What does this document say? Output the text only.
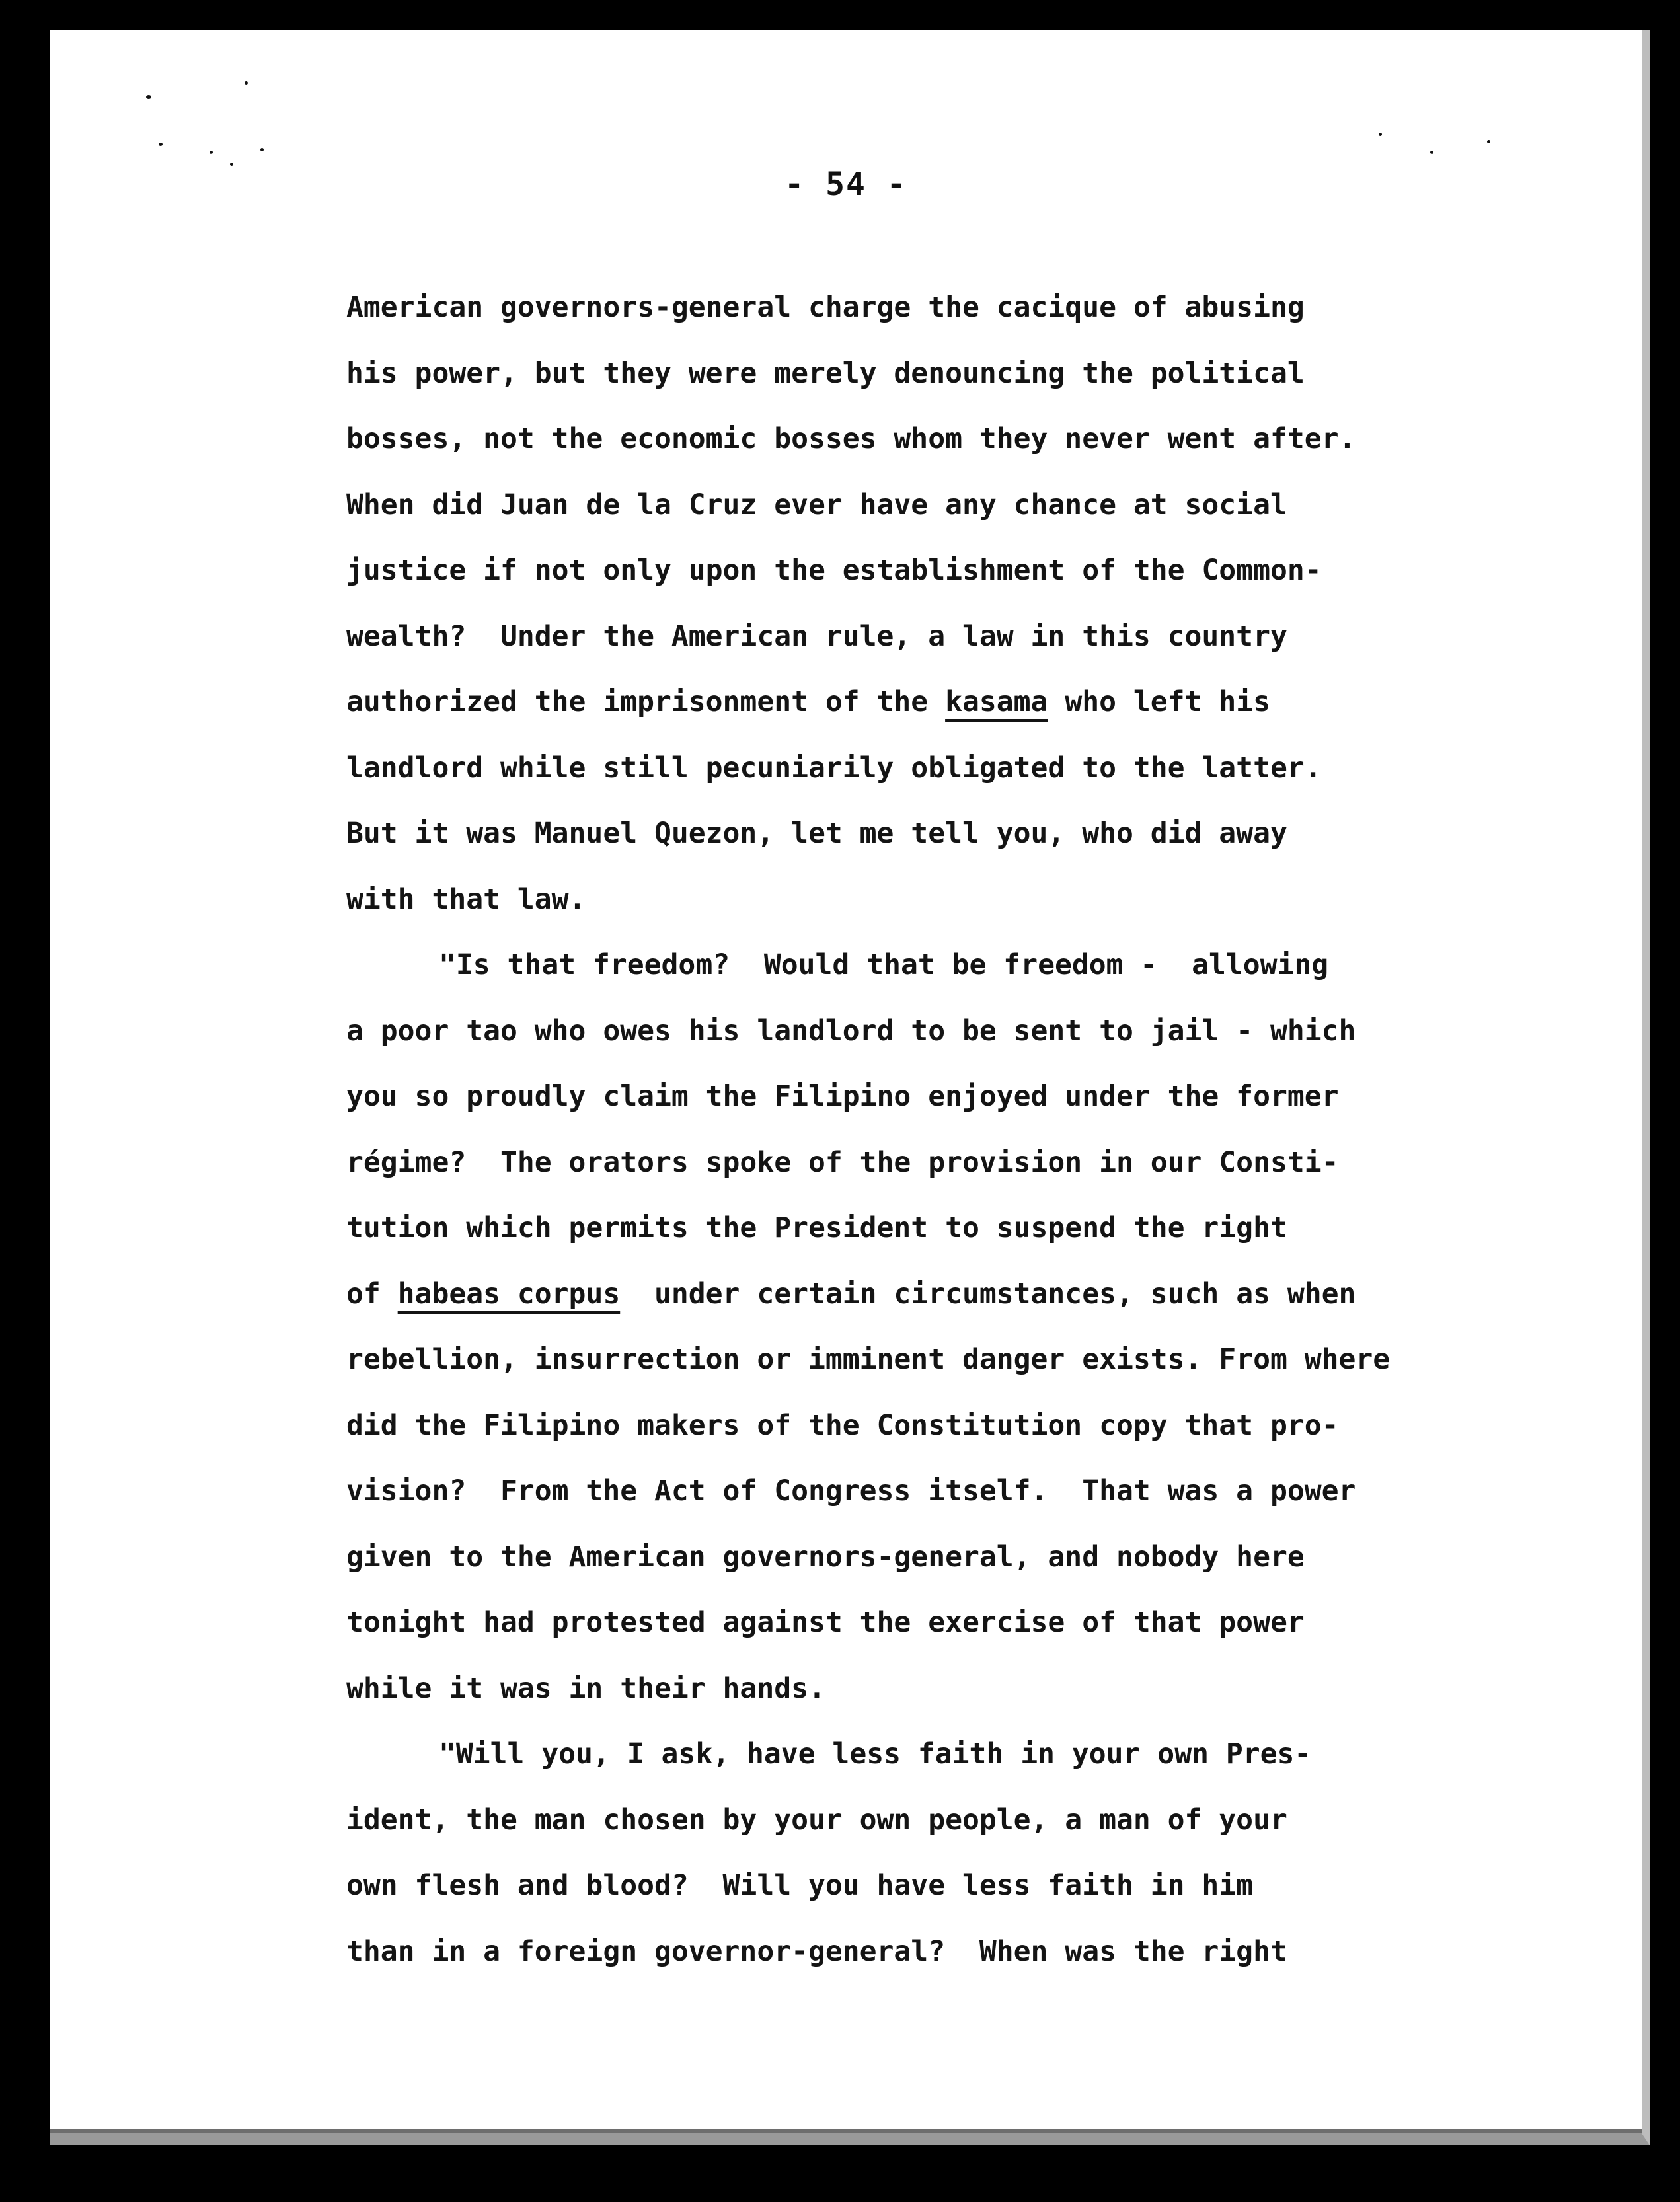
- 54 -
American governors-general charge the cacique of abusing
his power, but they were merely denouncing the political
bosses, not the economic bosses whom they never went after.
When did Juan de la Cruz ever have any chance at social
justice if not only upon the establishment of the Common-
wealth?  Under the American rule, a law in this country
authorized the imprisonment of the kasama who left his
landlord while still pecuniarily obligated to the latter.
But it was Manuel Quezon, let me tell you, who did away
with that law.
"Is that freedom?  Would that be freedom -  allowing
a poor tao who owes his landlord to be sent to jail - which
you so proudly claim the Filipino enjoyed under the former
régime?  The orators spoke of the provision in our Consti-
tution which permits the President to suspend the right
of habeas corpus  under certain circumstances, such as when
rebellion, insurrection or imminent danger exists. From where
did the Filipino makers of the Constitution copy that pro-
vision?  From the Act of Congress itself.  That was a power
given to the American governors-general, and nobody here
tonight had protested against the exercise of that power
while it was in their hands.
"Will you, I ask, have less faith in your own Pres-
ident, the man chosen by your own people, a man of your
own flesh and blood?  Will you have less faith in him
than in a foreign governor-general?  When was the right
